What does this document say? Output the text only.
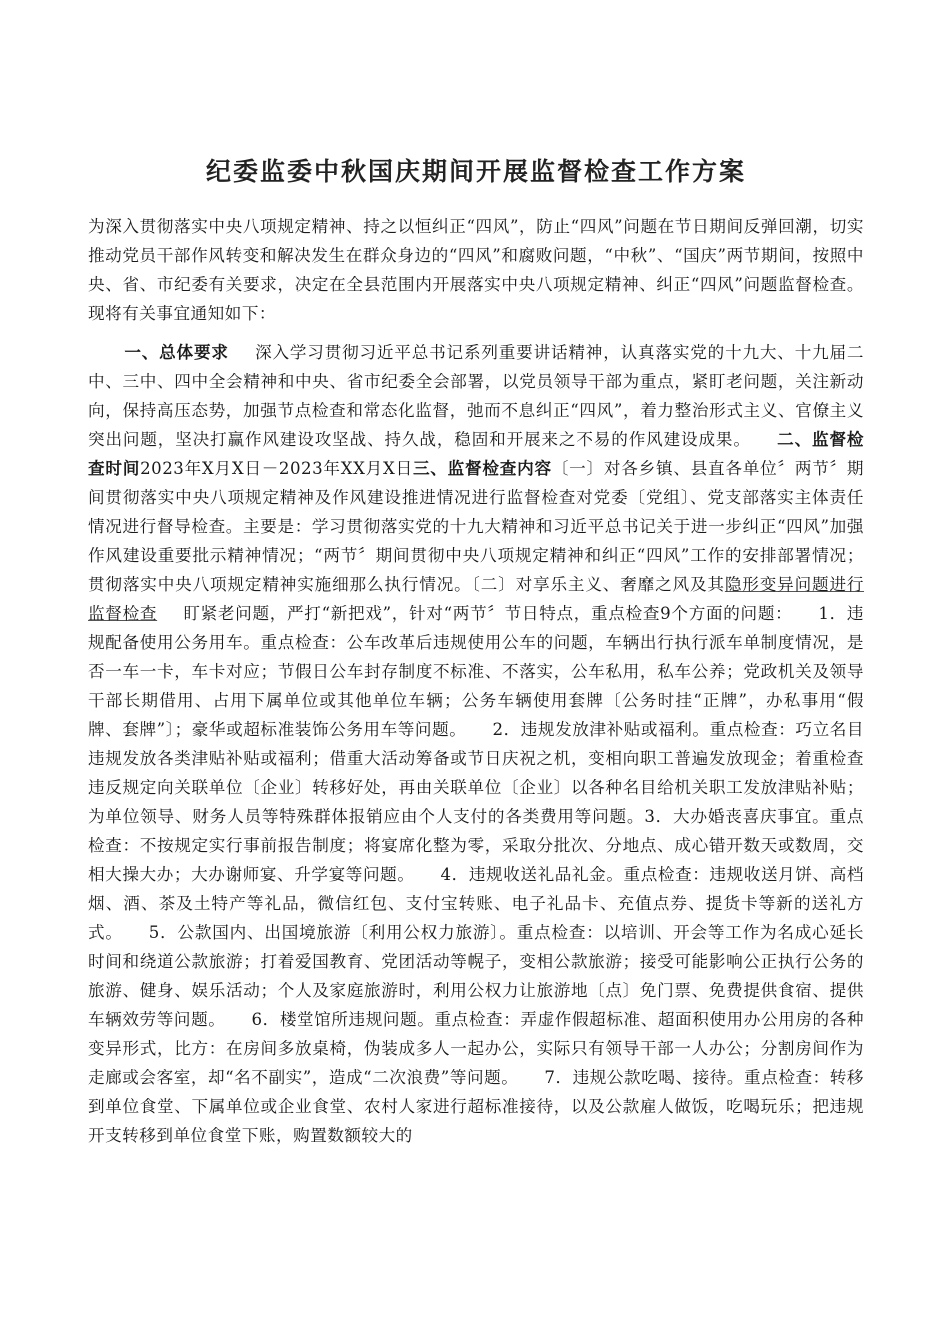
纪委监委中秋国庆期间开展监督检查工作方案

为深入贯彻落实中央八项规定精神、持之以恒纠正“四风”，防止“四风”问题在节日期间反弹回潮，切实推动党员干部作风转变和解决发生在群众身边的“四风”和腐败问题，“中秋”、“国庆”两节期间，按照中央、省、市纪委有关要求，决定在全县范围内开展落实中央八项规定精神、纠正“四风”问题监督检查。现将有关事宜通知如下：

一、总体要求 深入学习贯彻习近平总书记系列重要讲话精神，认真落实党的十九大、十九届二中、三中、四中全会精神和中央、省市纪委全会部署，以党员领导干部为重点，紧盯老问题，关注新动向，保持高压态势，加强节点检查和常态化监督，弛而不息纠正“四风”，着力整治形式主义、官僚主义突出问题，坚决打赢作风建设攻坚战、持久战，稳固和开展来之不易的作风建设成果。 二、监督检查时间2023年X月X日－2023年XX月X日三、监督检查内容〔一〕对各乡镇、县直各单位〞两节〞期间贯彻落实中央八项规定精神及作风建设推进情况进行监督检查对党委〔党组〕、党支部落实主体责任情况进行督导检查。主要是：学习贯彻落实党的十九大精神和习近平总书记关于进一步纠正“四风”加强作风建设重要批示精神情况；“两节〞期间贯彻中央八项规定精神和纠正“四风”工作的安排部署情况；贯彻落实中央八项规定精神实施细那么执行情况。〔二〕对享乐主义、奢靡之风及其隐形变异问题进行监督检查 盯紧老问题，严打“新把戏”，针对“两节〞节日特点，重点检查9个方面的问题： 1．违规配备使用公务用车。重点检查：公车改革后违规使用公车的问题，车辆出行执行派车单制度情况，是否一车一卡，车卡对应；节假日公车封存制度不标准、不落实，公车私用，私车公养；党政机关及领导干部长期借用、占用下属单位或其他单位车辆；公务车辆使用套牌〔公务时挂“正牌”，办私事用“假牌、套牌”〕；豪华或超标准装饰公务用车等问题。 2．违规发放津补贴或福利。重点检查：巧立名目违规发放各类津贴补贴或福利；借重大活动筹备或节日庆祝之机，变相向职工普遍发放现金；着重检查违反规定向关联单位〔企业〕转移好处，再由关联单位〔企业〕以各种名目给机关职工发放津贴补贴；为单位领导、财务人员等特殊群体报销应由个人支付的各类费用等问题。3．大办婚丧喜庆事宜。重点检查：不按规定实行事前报告制度；将宴席化整为零，采取分批次、分地点、成心错开数天或数周，交相大操大办；大办谢师宴、升学宴等问题。 4．违规收送礼品礼金。重点检查：违规收送月饼、高档烟、酒、茶及土特产等礼品，微信红包、支付宝转账、电子礼品卡、充值点券、提货卡等新的送礼方式。 5．公款国内、出国境旅游〔利用公权力旅游〕。重点检查：以培训、开会等工作为名成心延长时间和绕道公款旅游；打着爱国教育、党团活动等幌子，变相公款旅游；接受可能影响公正执行公务的旅游、健身、娱乐活动；个人及家庭旅游时，利用公权力让旅游地〔点〕免门票、免费提供食宿、提供车辆效劳等问题。 6．楼堂馆所违规问题。重点检查：弄虚作假超标准、超面积使用办公用房的各种变异形式，比方：在房间多放桌椅，伪装成多人一起办公，实际只有领导干部一人办公；分割房间作为走廊或会客室，却“名不副实”，造成“二次浪费”等问题。 7．违规公款吃喝、接待。重点检查：转移到单位食堂、下属单位或企业食堂、农村人家进行超标准接待，以及公款雇人做饭，吃喝玩乐；把违规开支转移到单位食堂下账，购置数额较大的
